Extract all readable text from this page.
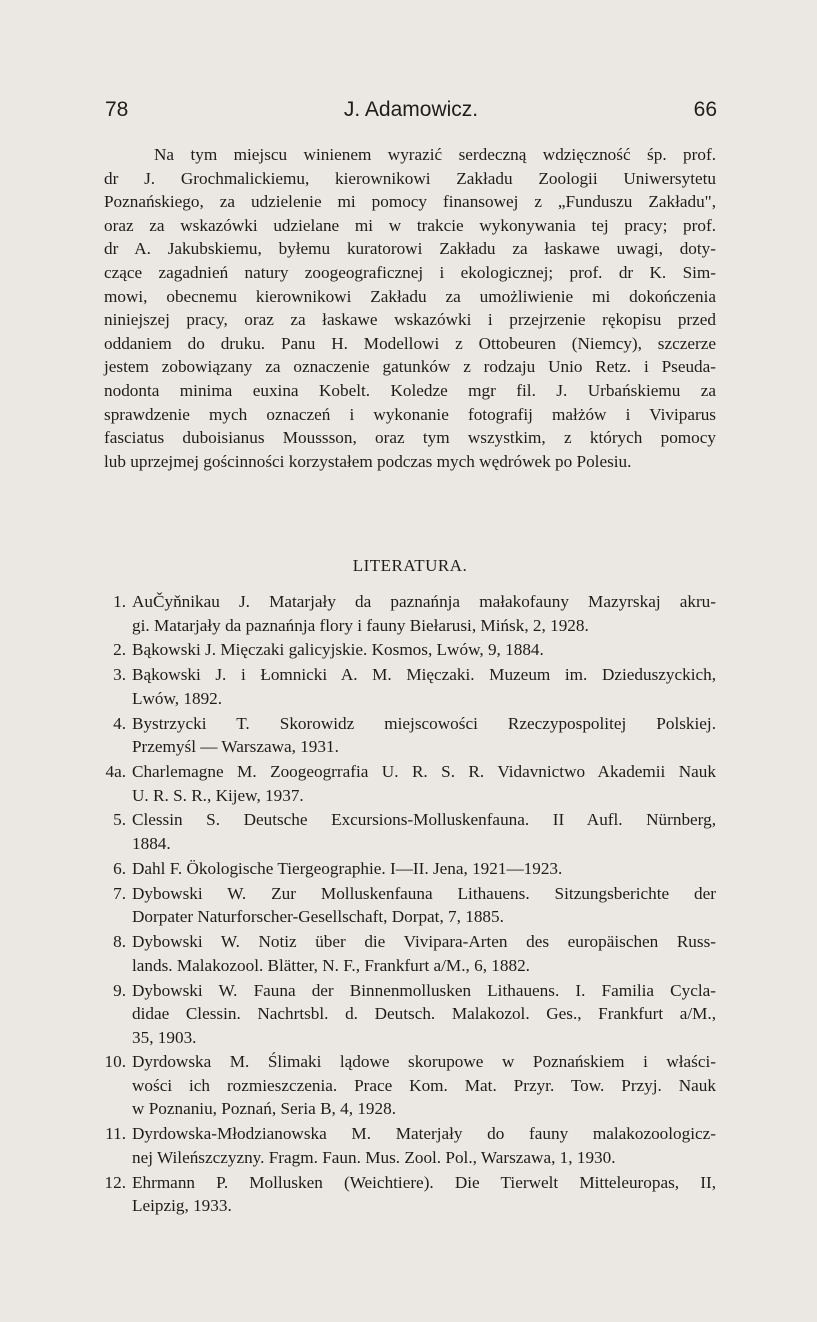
78	J. Adamowicz.	66
Na tym miejscu winienem wyrazić serdeczną wdzięczność śp. prof.
dr J. Grochmalickiemu, kierownikowi Zakładu Zoologii Uniwersytetu
Poznańskiego, za udzielenie mi pomocy finansowej z „Funduszu Zakładu",
oraz za wskazówki udzielane mi w trakcie wykonywania tej pracy; prof.
dr A. Jakubskiemu, byłemu kuratorowi Zakładu za łaskawe uwagi, doty-
czące zagadnień natury zoogeograficznej i ekologicznej; prof. dr K. Sim-
mowi, obecnemu kierownikowi Zakładu za umożliwienie mi dokończenia
niniejszej pracy, oraz za łaskawe wskazówki i przejrzenie rękopisu przed
oddaniem do druku. Panu H. Modellowi z Ottobeuren (Niemcy), szczerze
jestem zobowiązany za oznaczenie gatunków z rodzaju Unio Retz. i Pseuda-
nodonta minima euxina Kobelt. Koledze mgr fil. J. Urbańskiemu za
sprawdzenie mych oznaczeń i wykonanie fotografij małżów i Viviparus
fasciatus duboisianus Moussson, oraz tym wszystkim, z których pomocy
lub uprzejmej gościnności korzystałem podczas mych wędrówek po Polesiu.
LITERATURA.
1. AuČyňnikau J. Matarjały da paznańnja małakofauny Mazyrskaj akru-
gi. Matarjały da paznańnja flory i fauny Biełarusi, Mińsk, 2, 1928.
2. Bąkowski J. Mięczaki galicyjskie. Kosmos, Lwów, 9, 1884.
3. Bąkowski J. i Łomnicki A. M. Mięczaki. Muzeum im. Dzieduszyckich,
Lwów, 1892.
4. Bystrzycki T. Skorowidz miejscowości Rzeczypospolitej Polskiej.
Przemyśl — Warszawa, 1931.
4a. Charlemagne M. Zoogeogrrafia U. R. S. R. Vidavnictwo Akademii Nauk
U. R. S. R., Kijew, 1937.
5. Clessin S. Deutsche Excursions-Molluskenfauna. II Aufl. Nürnberg,
1884.
6. Dahl F. Ökologische Tiergeographie. I—II. Jena, 1921—1923.
7. Dybowski W. Zur Molluskenfauna Lithauens. Sitzungsberichte der
Dorpater Naturforscher-Gesellschaft, Dorpat, 7, 1885.
8. Dybowski W. Notiz über die Vivipara-Arten des europäischen Russ-
lands. Malakozool. Blätter, N. F., Frankfurt a/M., 6, 1882.
9. Dybowski W. Fauna der Binnenmollusken Lithauens. I. Familia Cycla-
didae Clessin. Nachrtsbl. d. Deutsch. Malakozol. Ges., Frankfurt a/M.,
35, 1903.
10. Dyrdowska M. Ślimaki lądowe skorupowe w Poznańskiem i właści-
wości ich rozmieszczenia. Prace Kom. Mat. Przyr. Tow. Przyj. Nauk
w Poznaniu, Poznań, Seria B, 4, 1928.
11. Dyrdowska-Młodzianowska M. Materjały do fauny malakozoologicz-
nej Wileńszczyzny. Fragm. Faun. Mus. Zool. Pol., Warszawa, 1, 1930.
12. Ehrmann P. Mollusken (Weichtiere). Die Tierwelt Mitteleuropas, II,
Leipzig, 1933.
